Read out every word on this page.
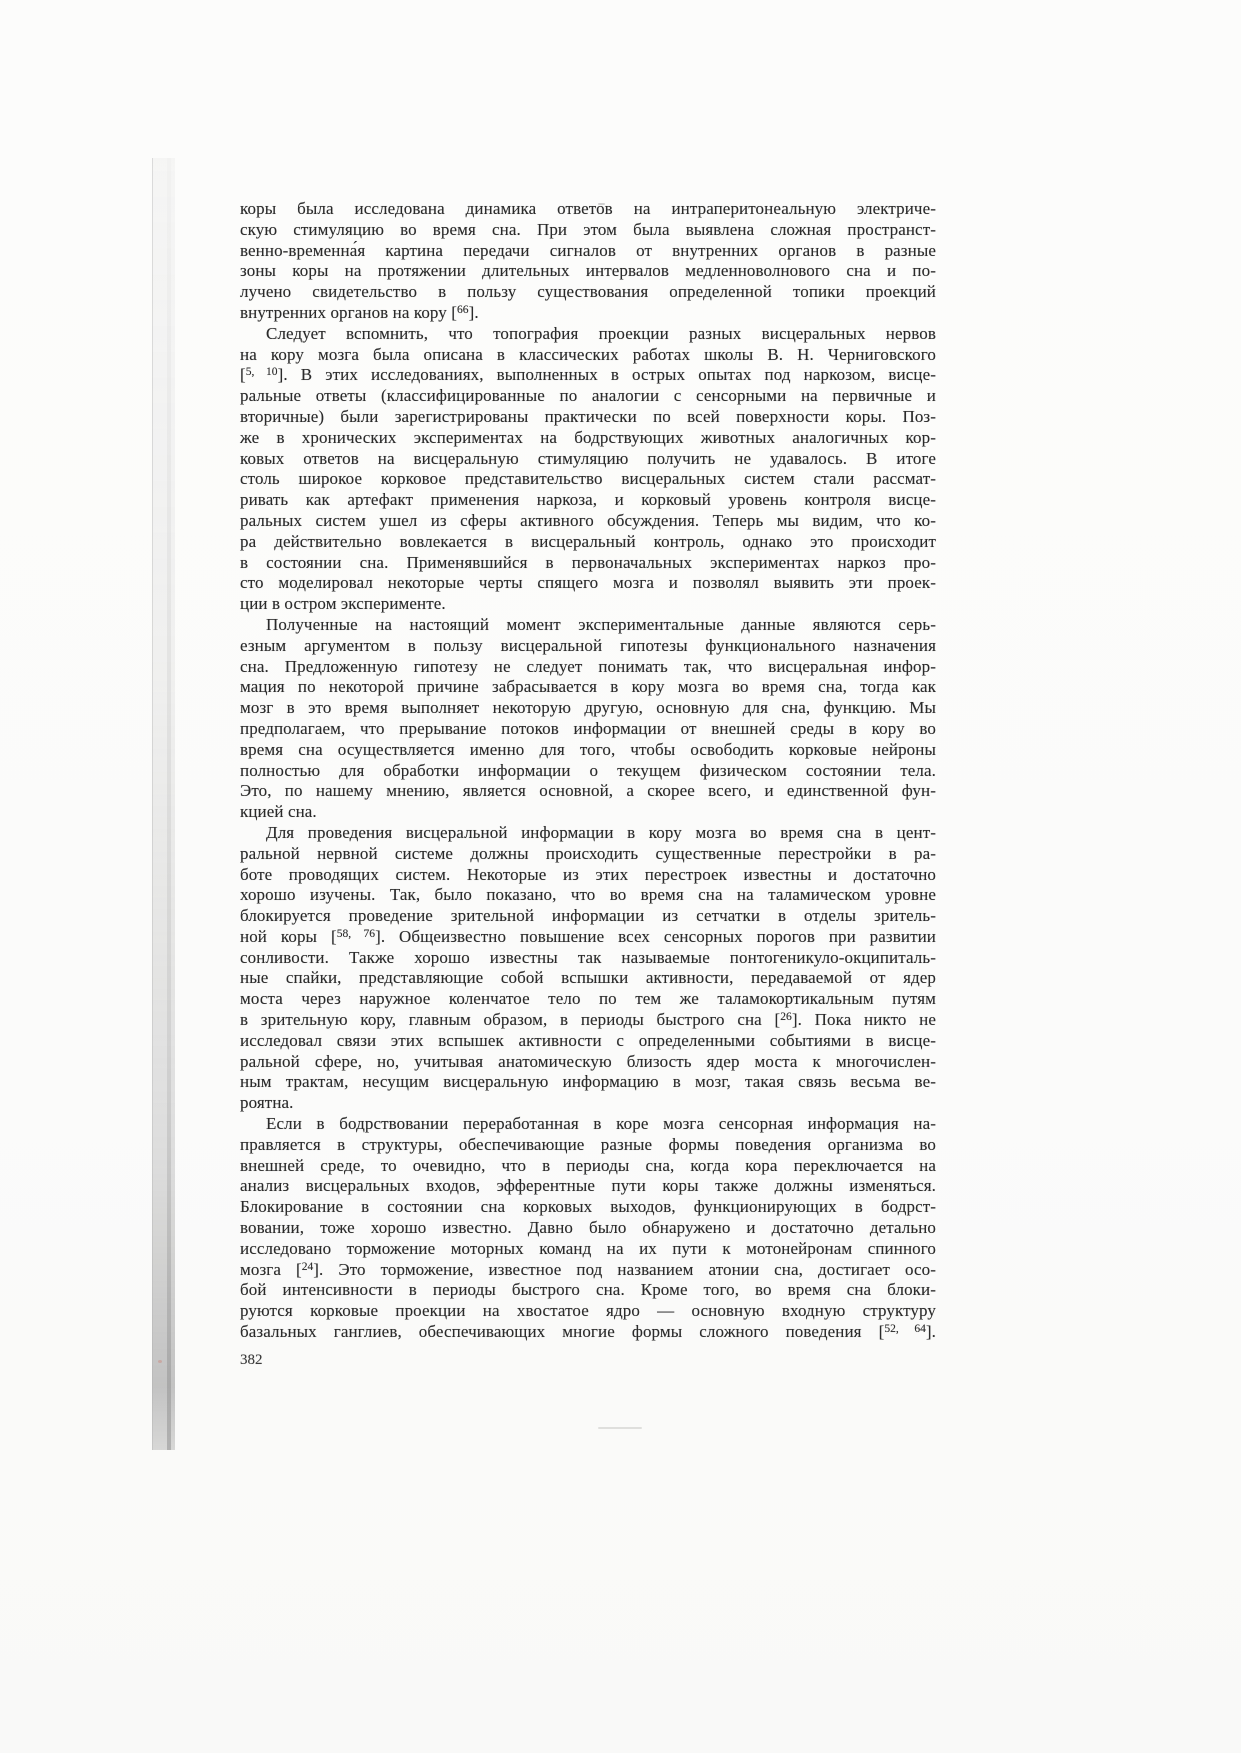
коры была исследована динамика ответов на интраперитонеальную электриче-
скую стимуляцию во время сна. При этом была выявлена сложная пространст-
венно-временна́я картина передачи сигналов от внутренних органов в разные
зоны коры на протяжении длительных интервалов медленноволнового сна и по-
лучено свидетельство в пользу существования определенной топики проекций
внутренних органов на кору [$^{66}$].
Следует вспомнить, что топография проекции разных висцеральных нервов
на кору мозга была описана в классических работах школы В. Н. Черниговского
[$^{5, 10}$]. В этих исследованиях, выполненных в острых опытах под наркозом, висце-
ральные ответы (классифицированные по аналогии с сенсорными на первичные и
вторичные) были зарегистрированы практически по всей поверхности коры. Поз-
же в хронических экспериментах на бодрствующих животных аналогичных кор-
ковых ответов на висцеральную стимуляцию получить не удавалось. В итоге
столь широкое корковое представительство висцеральных систем стали рассмат-
ривать как артефакт применения наркоза, и корковый уровень контроля висце-
ральных систем ушел из сферы активного обсуждения. Теперь мы видим, что ко-
ра действительно вовлекается в висцеральный контроль, однако это происходит
в состоянии сна. Применявшийся в первоначальных экспериментах наркоз про-
сто моделировал некоторые черты спящего мозга и позволял выявить эти проек-
ции в остром эксперименте.
Полученные на настоящий момент экспериментальные данные являются серь-
езным аргументом в пользу висцеральной гипотезы функционального назначения
сна. Предложенную гипотезу не следует понимать так, что висцеральная инфор-
мация по некоторой причине забрасывается в кору мозга во время сна, тогда как
мозг в это время выполняет некоторую другую, основную для сна, функцию. Мы
предполагаем, что прерывание потоков информации от внешней среды в кору во
время сна осуществляется именно для того, чтобы освободить корковые нейроны
полностью для обработки информации о текущем физическом состоянии тела.
Это, по нашему мнению, является основной, а скорее всего, и единственной фун-
кцией сна.
Для проведения висцеральной информации в кору мозга во время сна в цент-
ральной нервной системе должны происходить существенные перестройки в ра-
боте проводящих систем. Некоторые из этих перестроек известны и достаточно
хорошо изучены. Так, было показано, что во время сна на таламическом уровне
блокируется проведение зрительной информации из сетчатки в отделы зритель-
ной коры [$^{58, 76}$]. Общеизвестно повышение всех сенсорных порогов при развитии
сонливости. Также хорошо известны так называемые понтогеникуло-окципиталь-
ные спайки, представляющие собой вспышки активности, передаваемой от ядер
моста через наружное коленчатое тело по тем же таламокортикальным путям
в зрительную кору, главным образом, в периоды быстрого сна [$^{26}$]. Пока никто не
исследовал связи этих вспышек активности с определенными событиями в висце-
ральной сфере, но, учитывая анатомическую близость ядер моста к многочислен-
ным трактам, несущим висцеральную информацию в мозг, такая связь весьма ве-
роятна.
Если в бодрствовании переработанная в коре мозга сенсорная информация на-
правляется в структуры, обеспечивающие разные формы поведения организма во
внешней среде, то очевидно, что в периоды сна, когда кора переключается на
анализ висцеральных входов, эфферентные пути коры также должны изменяться.
Блокирование в состоянии сна корковых выходов, функционирующих в бодрст-
вовании, тоже хорошо известно. Давно было обнаружено и достаточно детально
исследовано торможение моторных команд на их пути к мотонейронам спинного
мозга [$^{24}$]. Это торможение, известное под названием атонии сна, достигает осо-
бой интенсивности в периоды быстрого сна. Кроме того, во время сна блоки-
руются корковые проекции на хвостатое ядро — основную входную структуру
базальных ганглиев, обеспечивающих многие формы сложного поведения [$^{52, 64}$].
382
